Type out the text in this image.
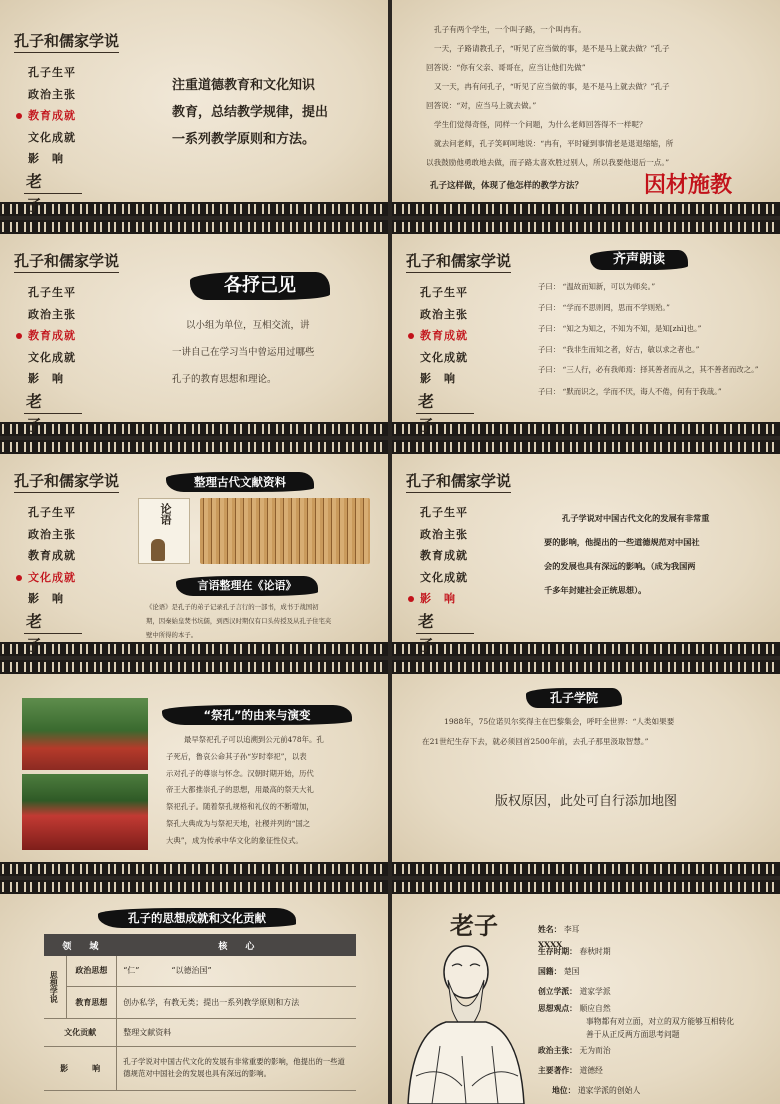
孔子和儒家学说
孔子生平
政治主张
教育成就
文化成就
影　响
老　子
注重道德教育和文化知识
教育，总结教学规律，提出
一系列教学原则和方法。
孔子有两个学生，一个叫子路，一个叫冉有。
一天，子路请教孔子，“听见了应当做的事，是不是马上就去做？”孔子
回答说：“你有父亲、哥哥在，应当让他们先做”
又一天，冉有问孔子，“听见了应当做的事，是不是马上就去做？”孔子
回答说：“对，应当马上就去做。”
学生们觉得奇怪，同样一个问题，为什么老师回答得不一样呢？
就去问老师，孔子笑呵呵地说：“冉有，平时碰到事情老是退退缩缩，所
以我鼓励他勇敢地去做，而子路太喜欢胜过别人，所以我要他退后一点。”
孔子这样做，体现了他怎样的教学方法？	因材施教
孔子和儒家学说
孔子生平
政治主张
教育成就
文化成就
影　响
老　子
各抒己见
以小组为单位，互相交流，讲
一讲自己在学习当中曾运用过哪些
孔子的教育思想和理论。
孔子和儒家学说
孔子生平
政治主张
教育成就
文化成就
影　响
老　子
齐声朗读
子曰： “温故而知新，可以为师矣。”
子曰： “学而不思则罔，思而不学则殆。”
子曰： “知之为知之，不知为不知，是知[zhì]也。”
子曰： “我非生而知之者，好古，敏以求之者也。”
子曰： “三人行，必有我师焉：择其善者而从之，其不善者而改之。”
子曰： “默而识之，学而不厌，诲人不倦，何有于我哉。”
孔子和儒家学说
孔子生平
政治主张
教育成就
文化成就
影　响
老　子
整理古代文献资料
论语
言语整理在《论语》
《论语》是孔子的弟子记录孔子言行的一部书，成书于战国初
期，因秦始皇焚书坑儒，到西汉时期仅有口头传授及从孔子住宅夹
壁中所得的本子。
孔子和儒家学说
孔子生平
政治主张
教育成就
文化成就
影　响
老　子
孔子学说对中国古代文化的发展有非常重
要的影响，他提出的一些道德规范对中国社
会的发展也具有深远的影响。（成为我国两
千多年封建社会正统思想）。
“祭孔”的由来与演变
最早祭祀孔子可以追溯到公元前478年。孔
子死后，鲁哀公命其子孙“岁时奉祀”，以表
示对孔子的尊崇与怀念。汉朝时期开始，历代
帝王大都推崇孔子的思想，用最高的祭天大礼
祭祀孔子。随着祭孔规格和礼仪的不断增加，
祭孔大典成为与祭祀天地，社稷并列的“国之
大典”，成为传承中华文化的象征性仪式。
孔子学院
1988年，75位诺贝尔奖得主在巴黎集会，呼吁全世界：“人类如果要
在21世纪生存下去，就必须回首2500年前，去孔子那里汲取智慧。”
版权原因，此处可自行添加地图
孔子的思想成就和文化贡献
领　　域		核　　心
思想学说	政治思想	“仁”　　　　“以德治国”
	教育思想	创办私学，有教无类；提出一系列教学原则和方法
文化贡献		整理文献资料
影　　　响		孔子学说对中国古代文化的发展有非常重要的影响，他提出的一些道德规范对中国社会的发展也具有深远的影响。
老子	姓名： 李耳
XXXX
生存时期： 春秋时期
国籍： 楚国
创立学派： 道家学派
思想观点： 顺应自然
事物都有对立面，对立的双方能够互相转化
善于从正反两方面思考问题
政治主张： 无为而治
主要著作： 道德经
地位： 道家学派的创始人
